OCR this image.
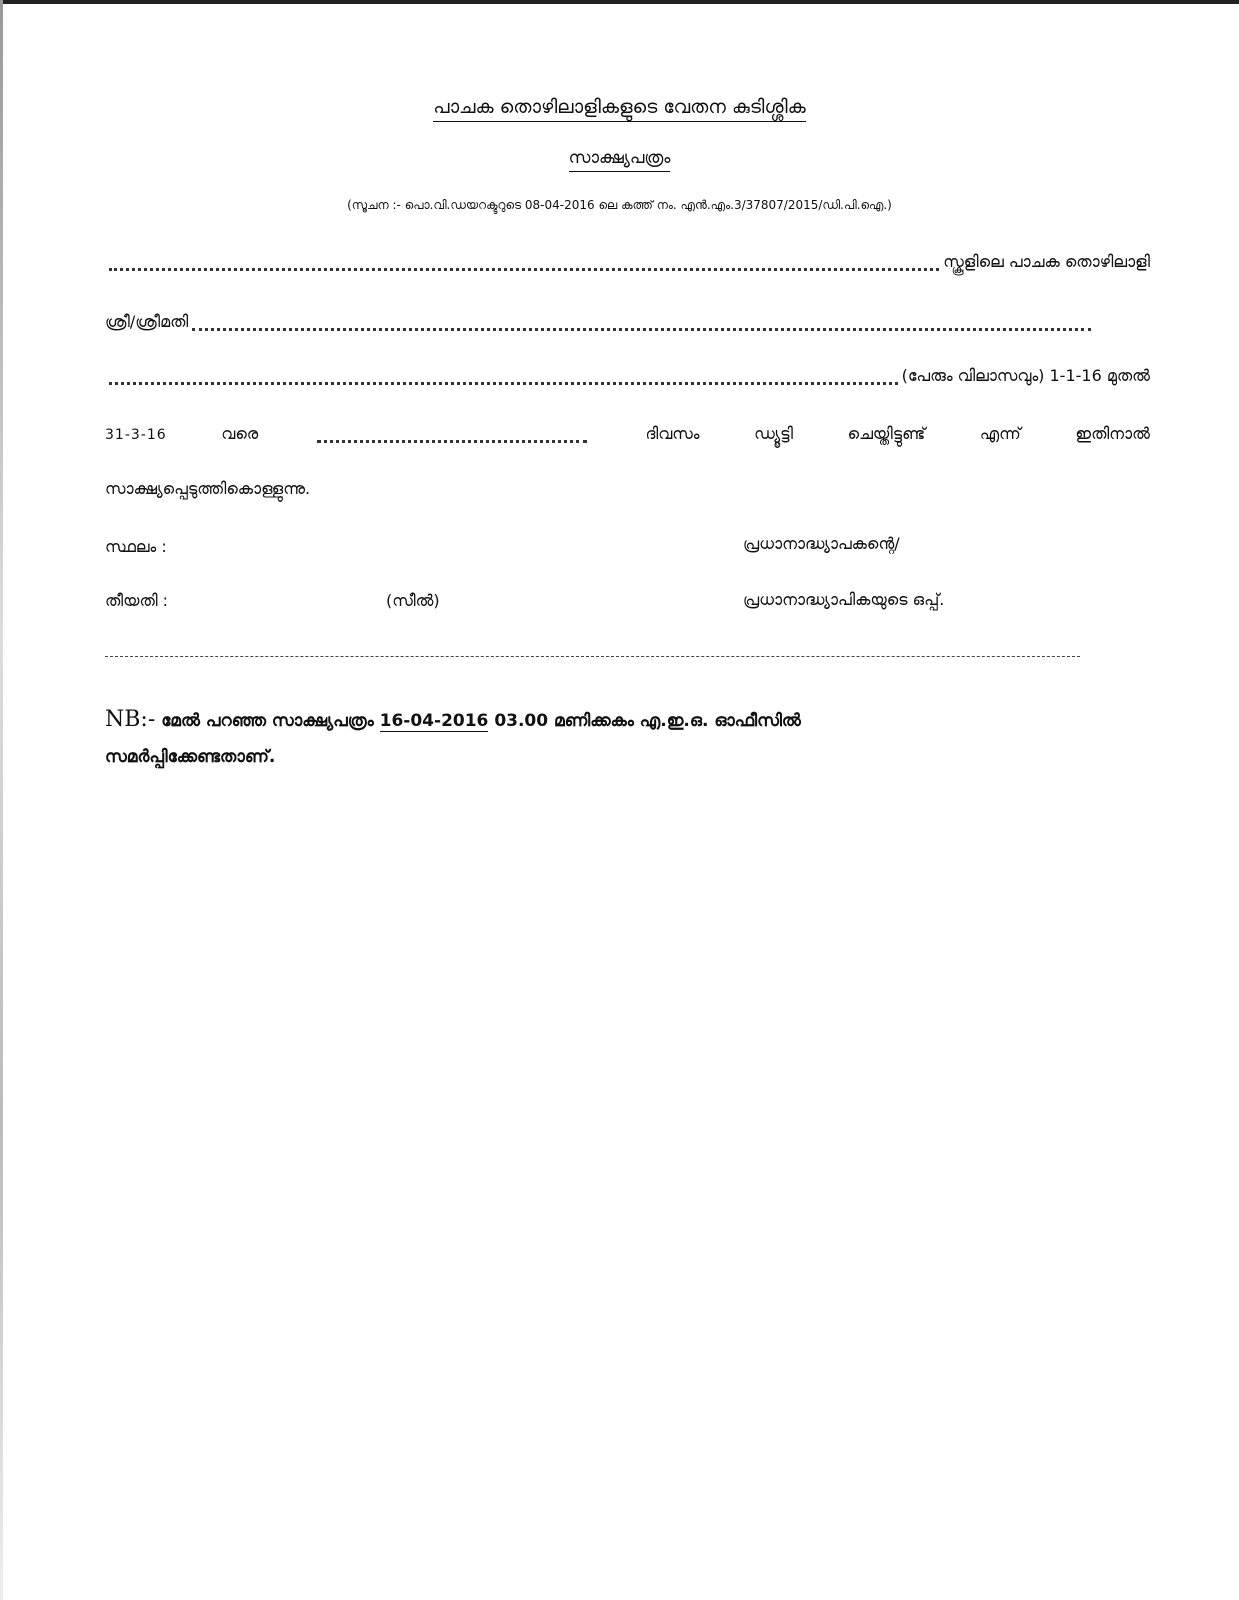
പാചക തൊഴിലാളികളുടെ വേതന കുടിശ്ശിക
സാക്ഷ്യപത്രം
(സൂചന :- പൊ.വി.ഡയറക്ടറുടെ 08-04-2016 ലെ കത്ത് നം. എൻ.എം.3/37807/2015/ഡി.പി.ഐ.)
സ്കൂളിലെ പാചക തൊഴിലാളി
ശ്രീ/ശ്രീമതി
(പേരും വിലാസവും) 1-1-16 മുതൽ
31-3-16	വരെ	ദിവസം	ഡ്യൂട്ടി	ചെയ്തിട്ടുണ്ട്	എന്ന്	ഇതിനാൽ
സാക്ഷ്യപ്പെടുത്തികൊള്ളുന്നു.
സ്ഥലം :	പ്രധാനാദ്ധ്യാപകന്റെ/
തീയതി :	(സീൽ)	പ്രധാനാദ്ധ്യാപികയുടെ ഒപ്പ്.
NB:- മേൽ പറഞ്ഞ സാക്ഷ്യപത്രം 16-04-2016 03.00 മണിക്കകം എ.ഇ.ഒ. ഓഫീസിൽ
സമർപ്പിക്കേണ്ടതാണ്.
